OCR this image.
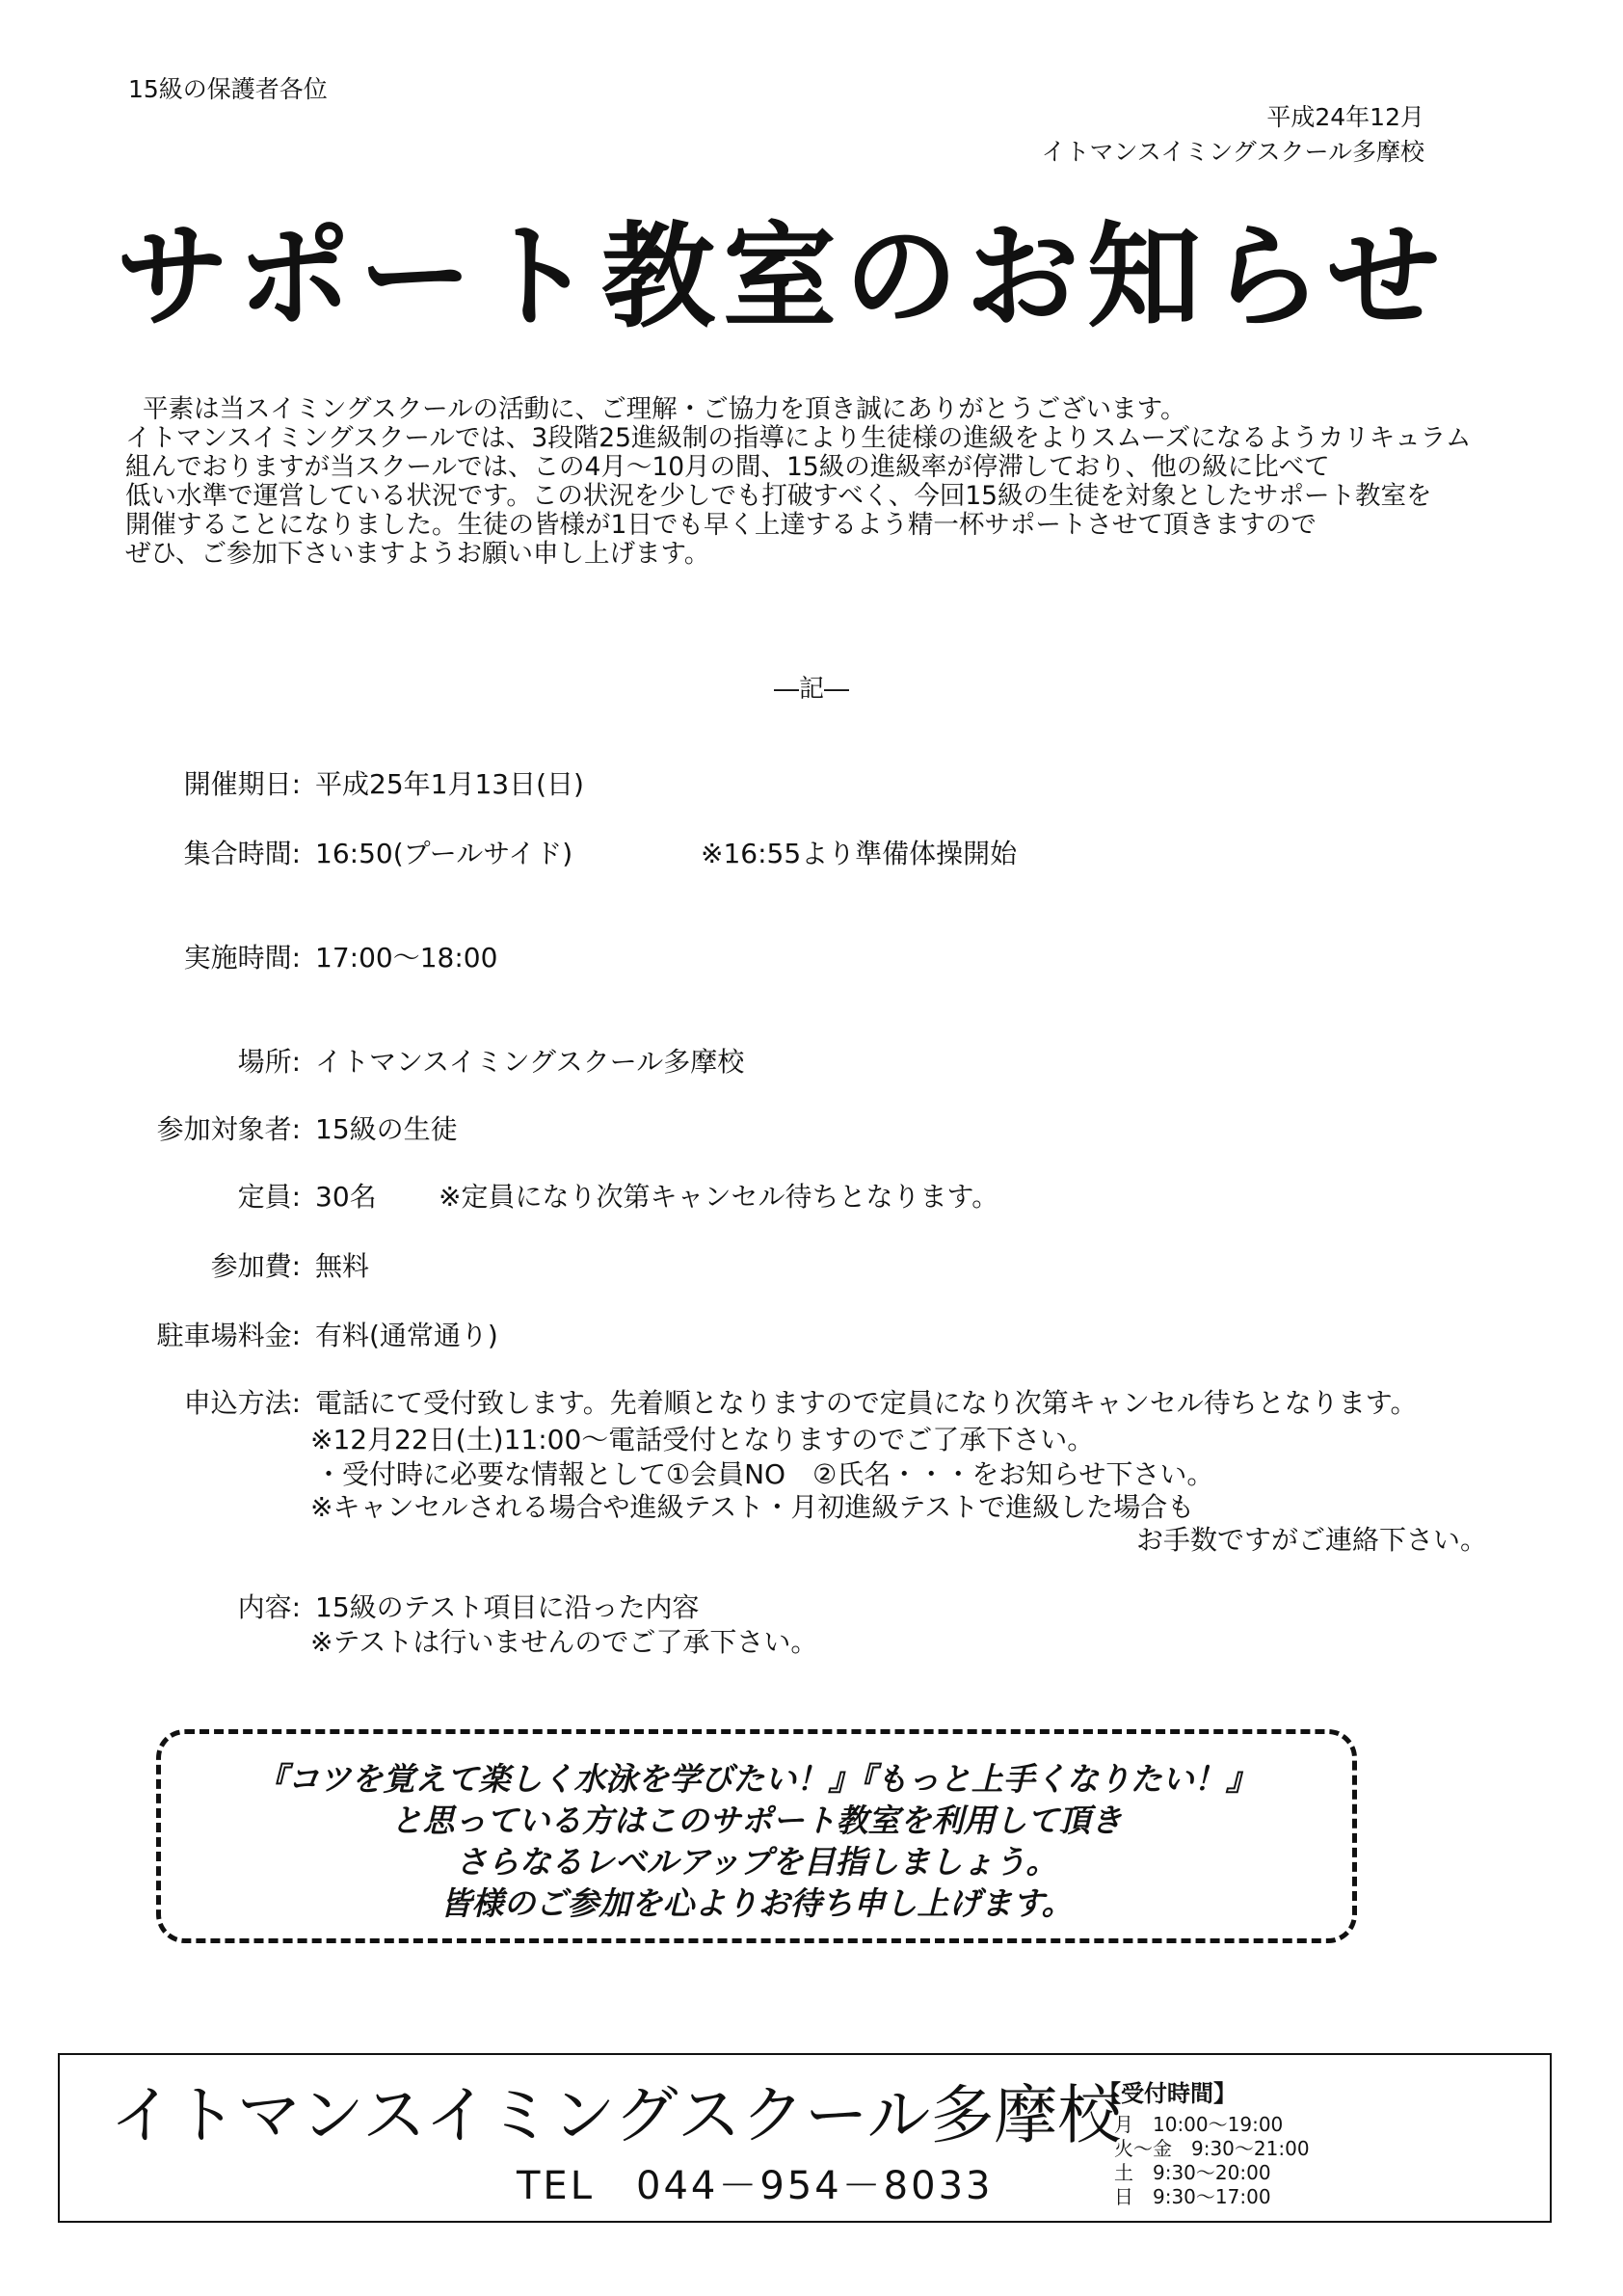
15級の保護者各位
平成24年12月
イトマンスイミングスクール多摩校
サポート教室のお知らせ
平素は当スイミングスクールの活動に、ご理解・ご協力を頂き誠にありがとうございます。
イトマンスイミングスクールでは、3段階25進級制の指導により生徒様の進級をよりスムーズになるようカリキュラム
組んでおりますが当スクールでは、この4月～10月の間、15級の進級率が停滞しており、他の級に比べて
低い水準で運営している状況です。この状況を少しでも打破すべく、今回15級の生徒を対象としたサポート教室を
開催することになりました。生徒の皆様が1日でも早く上達するよう精一杯サポートさせて頂きますので
ぜひ、ご参加下さいますようお願い申し上げます。
―記―
開催期日: 平成25年1月13日(日)
集合時間: 16:50(プールサイド)	※16:55より準備体操開始
実施時間: 17:00～18:00
場所: イトマンスイミングスクール多摩校
参加対象者: 15級の生徒
定員: 30名 ※定員になり次第キャンセル待ちとなります。
参加費: 無料
駐車場料金: 有料(通常通り)
申込方法: 電話にて受付致します。先着順となりますので定員になり次第キャンセル待ちとなります。
※12月22日(土)11:00～電話受付となりますのでご了承下さい。
・受付時に必要な情報として①会員NO　②氏名・・・をお知らせ下さい。
※キャンセルされる場合や進級テスト・月初進級テストで進級した場合も
お手数ですがご連絡下さい。
内容: 15級のテスト項目に沿った内容
※テストは行いませんのでご了承下さい。
『コツを覚えて楽しく水泳を学びたい！』『もっと上手くなりたい！』
と思っている方はこのサポート教室を利用して頂き
さらなるレベルアップを目指しましょう。
皆様のご参加を心よりお待ち申し上げます。
イトマンスイミングスクール多摩校
TEL　044－954－8033
【受付時間】
月　10:00～19:00
火～金　9:30～21:00
土　9:30～20:00
日　9:30～17:00
